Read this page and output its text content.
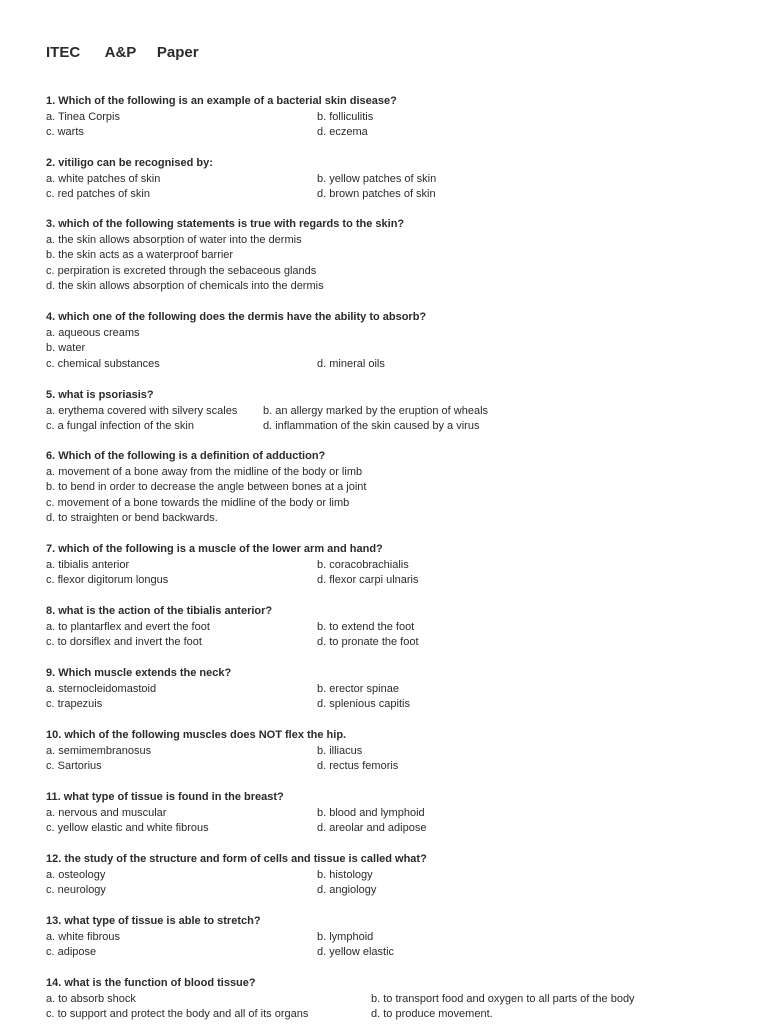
ITEC      A&P     Paper
1. Which of the following is an example of a bacterial skin disease?
a. Tinea Corpis	b. folliculitis
c. warts	d. eczema
2. vitiligo can be recognised by:
a. white patches of skin	b. yellow patches of skin
c. red patches of skin	d. brown patches of skin
3. which of the following statements is true with regards to the skin?
a. the skin allows absorption of water into the dermis
b. the skin acts as a waterproof barrier
c. perpiration is excreted through the sebaceous glands
d. the skin allows absorption of chemicals into the dermis
4. which one of the following does the dermis have the ability to absorb?
a. aqueous creams
b. water
c. chemical substances	d. mineral oils
5. what is psoriasis?
a. erythema covered with silvery scales b. an allergy marked by the eruption of wheals
c. a fungal infection of the skin	d. inflammation of the skin caused by a virus
6. Which of the following is a definition of adduction?
a. movement of a bone away from the midline of the body or limb
b. to bend in order to decrease the angle between bones at a joint
c. movement of a bone towards the midline of the body or limb
d. to straighten or bend backwards.
7. which of the following is a muscle of the lower arm and hand?
a. tibialis anterior	b. coracobrachialis
c. flexor digitorum longus	d. flexor carpi ulnaris
8. what is the action of the tibialis anterior?
a. to plantarflex and evert the foot	b. to extend the foot
c. to dorsiflex and invert the foot	d. to pronate the foot
9. Which muscle extends the neck?
a. sternocleidomastoid	b. erector spinae
c. trapezuis	d. splenious capitis
10. which of the following muscles does NOT flex the hip.
a. semimembranosus	b. illiacus
c. Sartorius	d. rectus femoris
11. what type of tissue is found in the breast?
a. nervous and muscular	b. blood and lymphoid
c. yellow elastic and white fibrous	d. areolar and adipose
12. the study of the structure and form of cells and tissue is called what?
a. osteology	b. histology
c. neurology	d. angiology
13. what type of tissue is able to stretch?
a. white fibrous	b. lymphoid
c. adipose	d. yellow elastic
14. what is the function of blood tissue?
a. to absorb shock	b. to transport food and oxygen to all parts of the body
c. to support and protect the body and all of its organs	d. to produce movement.
